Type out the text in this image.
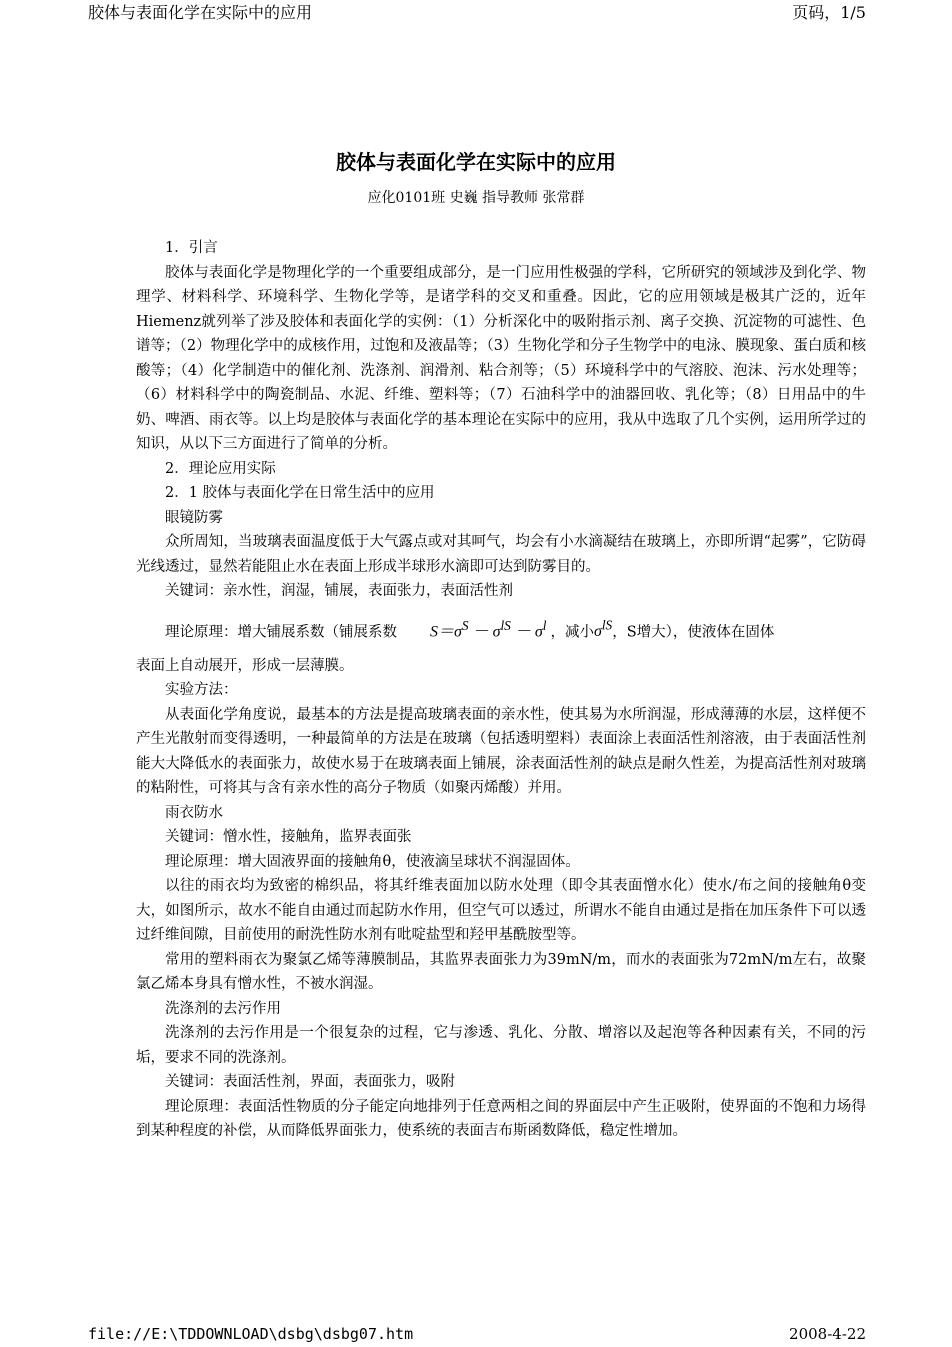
胶体与表面化学在实际中的应用	页码，1/5
胶体与表面化学在实际中的应用
应化0101班 史巍 指导教师 张常群

1．引言

胶体与表面化学是物理化学的一个重要组成部分，是一门应用性极强的学科，它所研究的领域涉及到化学、物理学、材料科学、环境科学、生物化学等，是诸学科的交叉和重叠。因此，它的应用领域是极其广泛的，近年Hiemenz就列举了涉及胶体和表面化学的实例：（1）分析深化中的吸附指示剂、离子交换、沉淀物的可滤性、色谱等；（2）物理化学中的成核作用，过饱和及液晶等；（3）生物化学和分子生物学中的电泳、膜现象、蛋白质和核酸等；（4）化学制造中的催化剂、洗涤剂、润滑剂、粘合剂等；（5）环境科学中的气溶胶、泡沫、污水处理等；（6）材料科学中的陶瓷制品、水泥、纤维、塑料等；（7）石油科学中的油器回收、乳化等；（8）日用品中的牛奶、啤酒、雨衣等。以上均是胶体与表面化学的基本理论在实际中的应用，我从中选取了几个实例，运用所学过的知识，从以下三方面进行了简单的分析。

2．理论应用实际

2．1 胶体与表面化学在日常生活中的应用

眼镜防雾

众所周知，当玻璃表面温度低于大气露点或对其呵气，均会有小水滴凝结在玻璃上，亦即所谓“起雾”，它防碍光线透过，显然若能阻止水在表面上形成半球形水滴即可达到防雾目的。

关键词：亲水性，润湿，铺展，表面张力，表面活性剂

理论原理：增大铺展系数（铺展系数 $S=\sigma^S - \sigma^{lS} - \sigma^l$ ，减小$\sigma^{lS}$，S增大），使液体在固体

表面上自动展开，形成一层薄膜。

实验方法：

从表面化学角度说，最基本的方法是提高玻璃表面的亲水性，使其易为水所润湿，形成薄薄的水层，这样便不产生光散射而变得透明，一种最简单的方法是在玻璃（包括透明塑料）表面涂上表面活性剂溶液，由于表面活性剂能大大降低水的表面张力，故使水易于在玻璃表面上铺展，涂表面活性剂的缺点是耐久性差，为提高活性剂对玻璃的粘附性，可将其与含有亲水性的高分子物质（如聚丙烯酸）并用。

雨衣防水

关键词：憎水性，接触角，监界表面张

理论原理：增大固液界面的接触角θ，使液滴呈球状不润湿固体。

以往的雨衣均为致密的棉织品，将其纤维表面加以防水处理（即令其表面憎水化）使水/布之间的接触角θ变大，如图所示，故水不能自由通过而起防水作用，但空气可以透过，所谓水不能自由通过是指在加压条件下可以透过纤维间隙，目前使用的耐洗性防水剂有吡啶盐型和羟甲基酰胺型等。

常用的塑料雨衣为聚氯乙烯等薄膜制品，其监界表面张力为39mN/m，而水的表面张为72mN/m左右，故聚氯乙烯本身具有憎水性，不被水润湿。

洗涤剂的去污作用

洗涤剂的去污作用是一个很复杂的过程，它与渗透、乳化、分散、增溶以及起泡等各种因素有关，不同的污垢，要求不同的洗涤剂。

关键词：表面活性剂，界面，表面张力，吸附

理论原理：表面活性物质的分子能定向地排列于任意两相之间的界面层中产生正吸附，使界面的不饱和力场得到某种程度的补偿，从而降低界面张力，使系统的表面吉布斯函数降低，稳定性增加。

file://E:\TDDOWNLOAD\dsbg\dsbg07.htm	2008-4-22
